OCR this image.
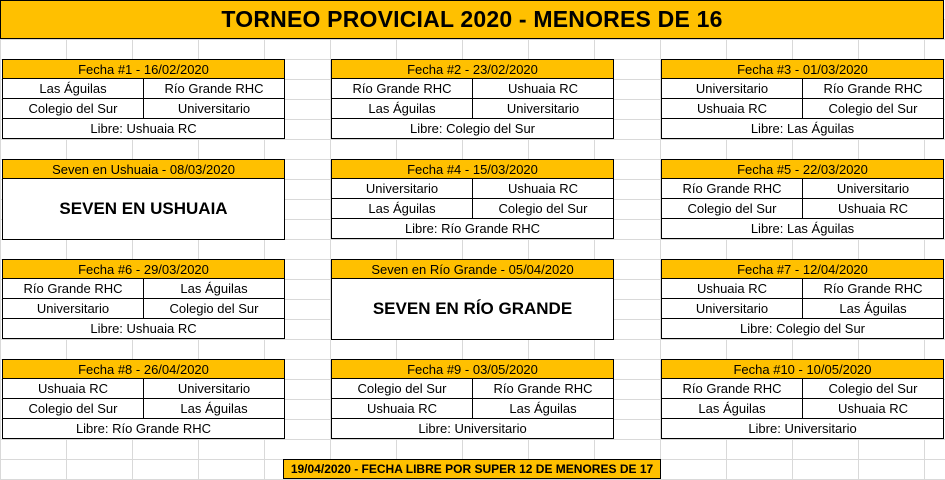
TORNEO PROVICIAL 2020 - MENORES DE 16
Fecha #1 - 16/02/2020
Las Águilas	Río Grande RHC
Colegio del Sur	Universitario
Libre: Ushuaia RC
Fecha #2 - 23/02/2020
Río Grande RHC	Ushuaia RC
Las Águilas	Universitario
Libre: Colegio del Sur
Fecha #3 - 01/03/2020
Universitario	Río Grande RHC
Ushuaia RC	Colegio del Sur
Libre: Las Águilas
Seven en Ushuaia - 08/03/2020
SEVEN EN USHUAIA
Fecha #4 - 15/03/2020
Universitario	Ushuaia RC
Las Águilas	Colegio del Sur
Libre: Río Grande RHC
Fecha #5 - 22/03/2020
Río Grande RHC	Universitario
Colegio del Sur	Ushuaia RC
Libre: Las Águilas
Fecha #6 - 29/03/2020
Río Grande RHC	Las Águilas
Universitario	Colegio del Sur
Libre: Ushuaia RC
Seven en Río Grande - 05/04/2020
SEVEN EN RÍO GRANDE
Fecha #7 - 12/04/2020
Ushuaia RC	Río Grande RHC
Universitario	Las Águilas
Libre: Colegio del Sur
Fecha #8 - 26/04/2020
Ushuaia RC	Universitario
Colegio del Sur	Las Águilas
Libre: Río Grande RHC
Fecha #9 - 03/05/2020
Colegio del Sur	Río Grande RHC
Ushuaia RC	Las Águilas
Libre: Universitario
Fecha #10 - 10/05/2020
Río Grande RHC	Colegio del Sur
Las Águilas	Ushuaia RC
Libre: Universitario
19/04/2020 - FECHA LIBRE POR SUPER 12 DE MENORES DE 17
